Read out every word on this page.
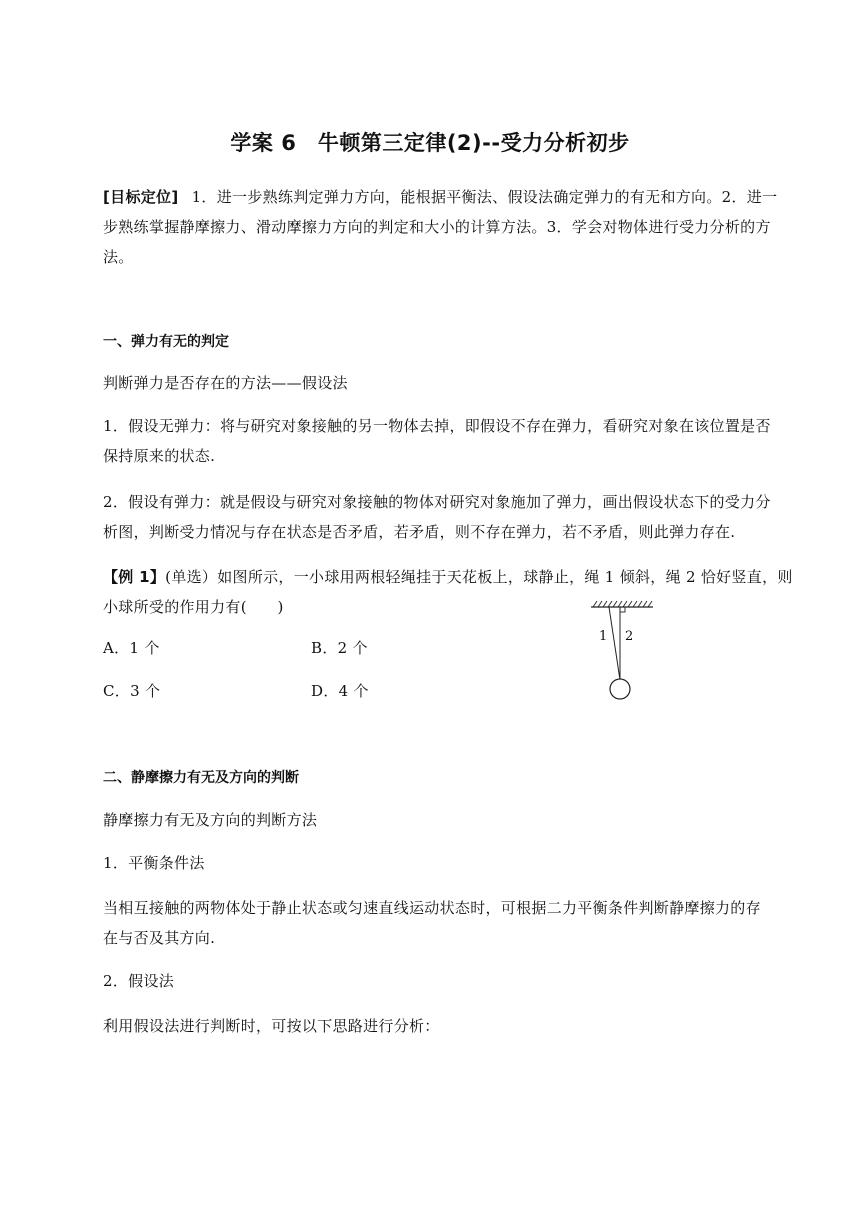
学案 6　牛顿第三定律(2)--受力分析初步
[目标定位] 1．进一步熟练判定弹力方向，能根据平衡法、假设法确定弹力的有无和方向。2．进一
步熟练掌握静摩擦力、滑动摩擦力方向的判定和大小的计算方法。3．学会对物体进行受力分析的方
法。
一、弹力有无的判定
判断弹力是否存在的方法——假设法
1．假设无弹力：将与研究对象接触的另一物体去掉，即假设不存在弹力，看研究对象在该位置是否
保持原来的状态.
2．假设有弹力：就是假设与研究对象接触的物体对研究对象施加了弹力，画出假设状态下的受力分
析图，判断受力情况与存在状态是否矛盾，若矛盾，则不存在弹力，若不矛盾，则此弹力存在.
【例 1】(单选）如图所示，一小球用两根轻绳挂于天花板上，球静止，绳 1 倾斜，绳 2 恰好竖直，则
小球所受的作用力有(　　)
A．1 个	B．2 个
C．3 个	D．4 个
1 2
二、静摩擦力有无及方向的判断
静摩擦力有无及方向的判断方法
1．平衡条件法
当相互接触的两物体处于静止状态或匀速直线运动状态时，可根据二力平衡条件判断静摩擦力的存
在与否及其方向.
2．假设法
利用假设法进行判断时，可按以下思路进行分析：
